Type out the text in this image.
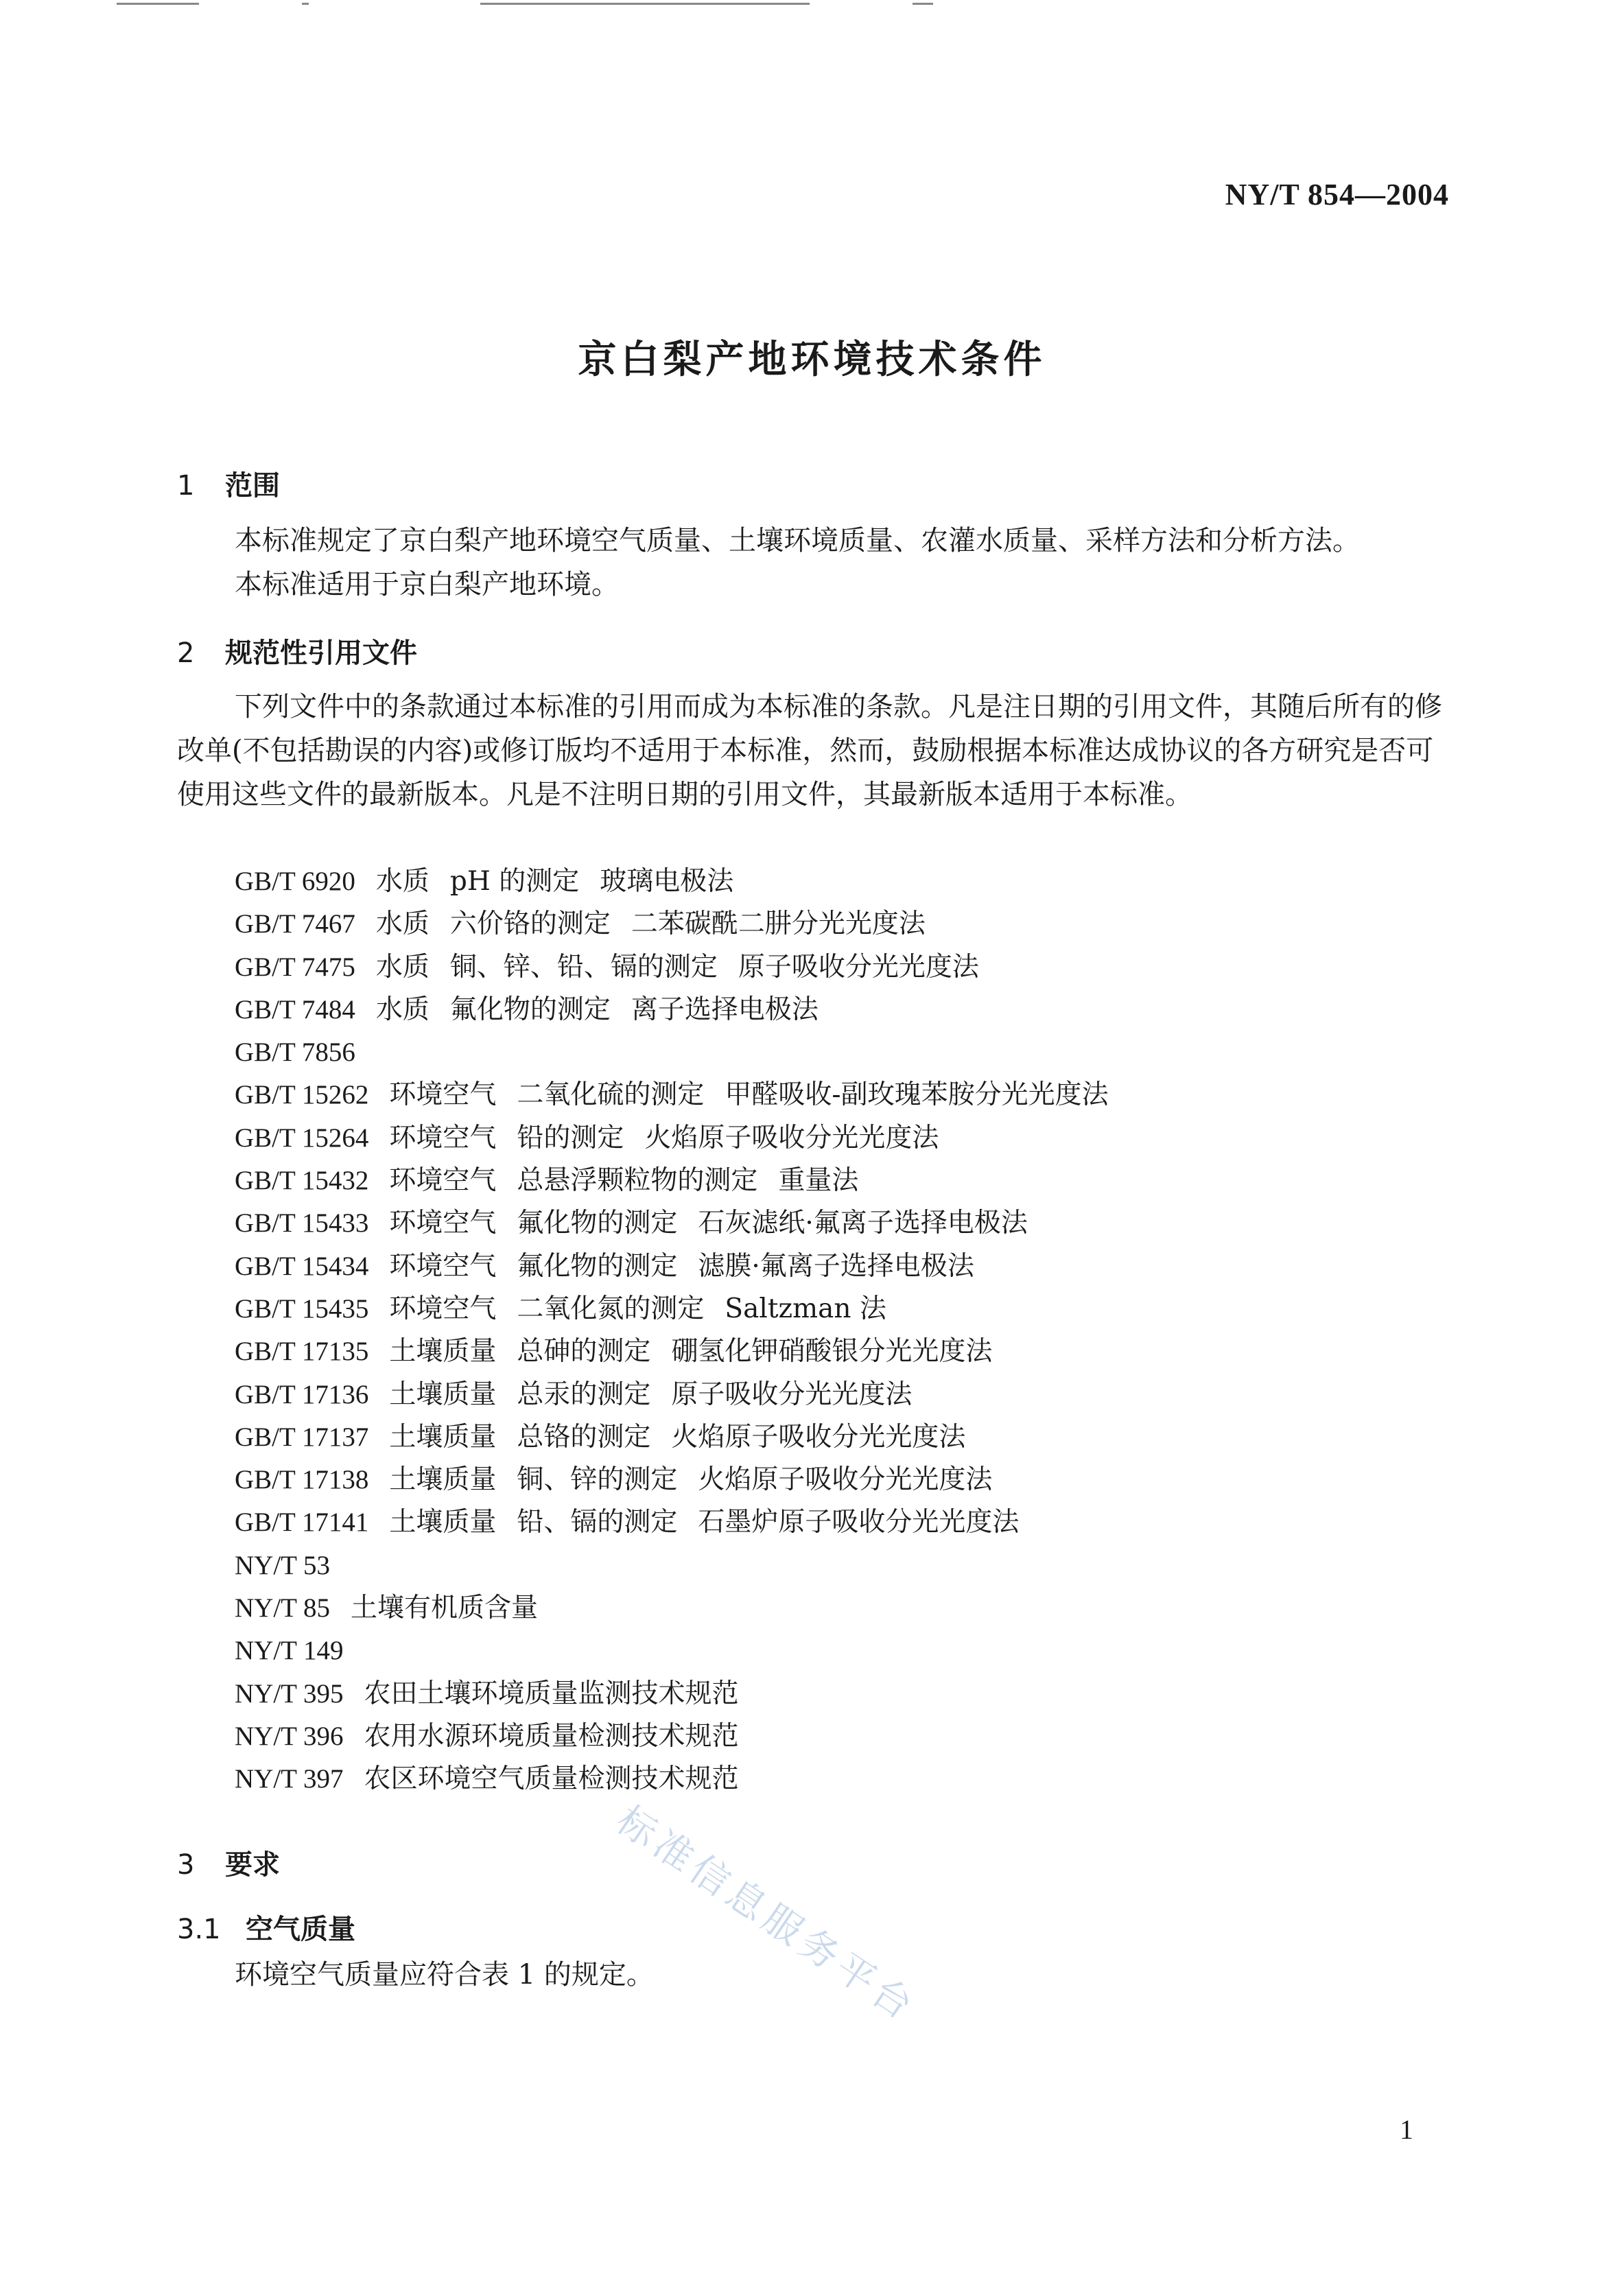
NY/T 854—2004
京白梨产地环境技术条件
1 范围
本标准规定了京白梨产地环境空气质量、土壤环境质量、农灌水质量、采样方法和分析方法。
本标准适用于京白梨产地环境。
2 规范性引用文件
下列文件中的条款通过本标准的引用而成为本标准的条款。凡是注日期的引用文件，其随后所有的修改单(不包括勘误的内容)或修订版均不适用于本标准，然而，鼓励根据本标准达成协议的各方研究是否可使用这些文件的最新版本。凡是不注明日期的引用文件，其最新版本适用于本标准。
GB/T 6920 水质 pH 的测定 玻璃电极法
GB/T 7467 水质 六价铬的测定 二苯碳酰二肼分光光度法
GB/T 7475 水质 铜、锌、铅、镉的测定 原子吸收分光光度法
GB/T 7484 水质 氟化物的测定 离子选择电极法
GB/T 7856
GB/T 15262 环境空气 二氧化硫的测定 甲醛吸收-副玫瑰苯胺分光光度法
GB/T 15264 环境空气 铅的测定 火焰原子吸收分光光度法
GB/T 15432 环境空气 总悬浮颗粒物的测定 重量法
GB/T 15433 环境空气 氟化物的测定 石灰滤纸·氟离子选择电极法
GB/T 15434 环境空气 氟化物的测定 滤膜·氟离子选择电极法
GB/T 15435 环境空气 二氧化氮的测定 Saltzman 法
GB/T 17135 土壤质量 总砷的测定 硼氢化钾硝酸银分光光度法
GB/T 17136 土壤质量 总汞的测定 原子吸收分光光度法
GB/T 17137 土壤质量 总铬的测定 火焰原子吸收分光光度法
GB/T 17138 土壤质量 铜、锌的测定 火焰原子吸收分光光度法
GB/T 17141 土壤质量 铅、镉的测定 石墨炉原子吸收分光光度法
NY/T 53
NY/T 85 土壤有机质含量
NY/T 149
NY/T 395 农田土壤环境质量监测技术规范
NY/T 396 农用水源环境质量检测技术规范
NY/T 397 农区环境空气质量检测技术规范
3 要求
3.1 空气质量
环境空气质量应符合表 1 的规定。
标准信息服务平台
1
